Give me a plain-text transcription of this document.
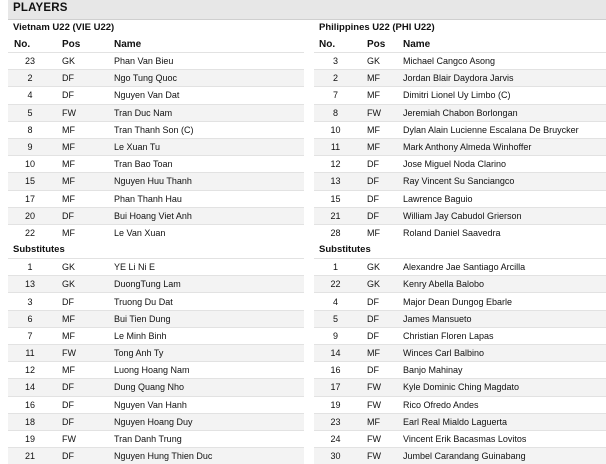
PLAYERS
Vietnam U22 (VIE U22)
No.	Pos	Name
23	GK	Phan Van Bieu
2	DF	Ngo Tung Quoc
4	DF	Nguyen Van Dat
5	FW	Tran Duc Nam
8	MF	Tran Thanh Son (C)
9	MF	Le Xuan Tu
10	MF	Tran Bao Toan
15	MF	Nguyen Huu Thanh
17	MF	Phan Thanh Hau
20	DF	Bui Hoang Viet Anh
22	MF	Le Van Xuan
Substitutes		
1	GK	YE Li Ni E
13	GK	DuongTung Lam
3	DF	Truong Du Dat
6	MF	Bui Tien Dung
7	MF	Le Minh Binh
11	FW	Tong Anh Ty
12	MF	Luong Hoang Nam
14	DF	Dung Quang Nho
16	DF	Nguyen Van Hanh
18	DF	Nguyen Hoang Duy
19	FW	Tran Danh Trung
21	DF	Nguyen Hung Thien Duc
Philippines U22 (PHI U22)
No.	Pos	Name
3	GK	Michael Cangco Asong
2	MF	Jordan Blair Daydora Jarvis
7	MF	Dimitri Lionel Uy Limbo (C)
8	FW	Jeremiah Chabon Borlongan
10	MF	Dylan Alain Lucienne Escalana De Bruycker
11	MF	Mark Anthony Almeda Winhoffer
12	DF	Jose Miguel Noda Clarino
13	DF	Ray Vincent Su Sanciangco
15	DF	Lawrence Baguio
21	DF	William Jay Cabudol Grierson
28	MF	Roland Daniel Saavedra
Substitutes		
1	GK	Alexandre Jae Santiago Arcilla
22	GK	Kenry Abella Balobo
4	DF	Major Dean Dungog Ebarle
5	DF	James Mansueto
9	DF	Christian Floren Lapas
14	MF	Winces Carl Balbino
16	DF	Banjo Mahinay
17	FW	Kyle Dominic Ching Magdato
19	FW	Rico Ofredo Andes
23	MF	Earl Real Mialdo Laguerta
24	FW	Vincent Erik Bacasmas Lovitos
30	FW	Jumbel Carandang Guinabang
